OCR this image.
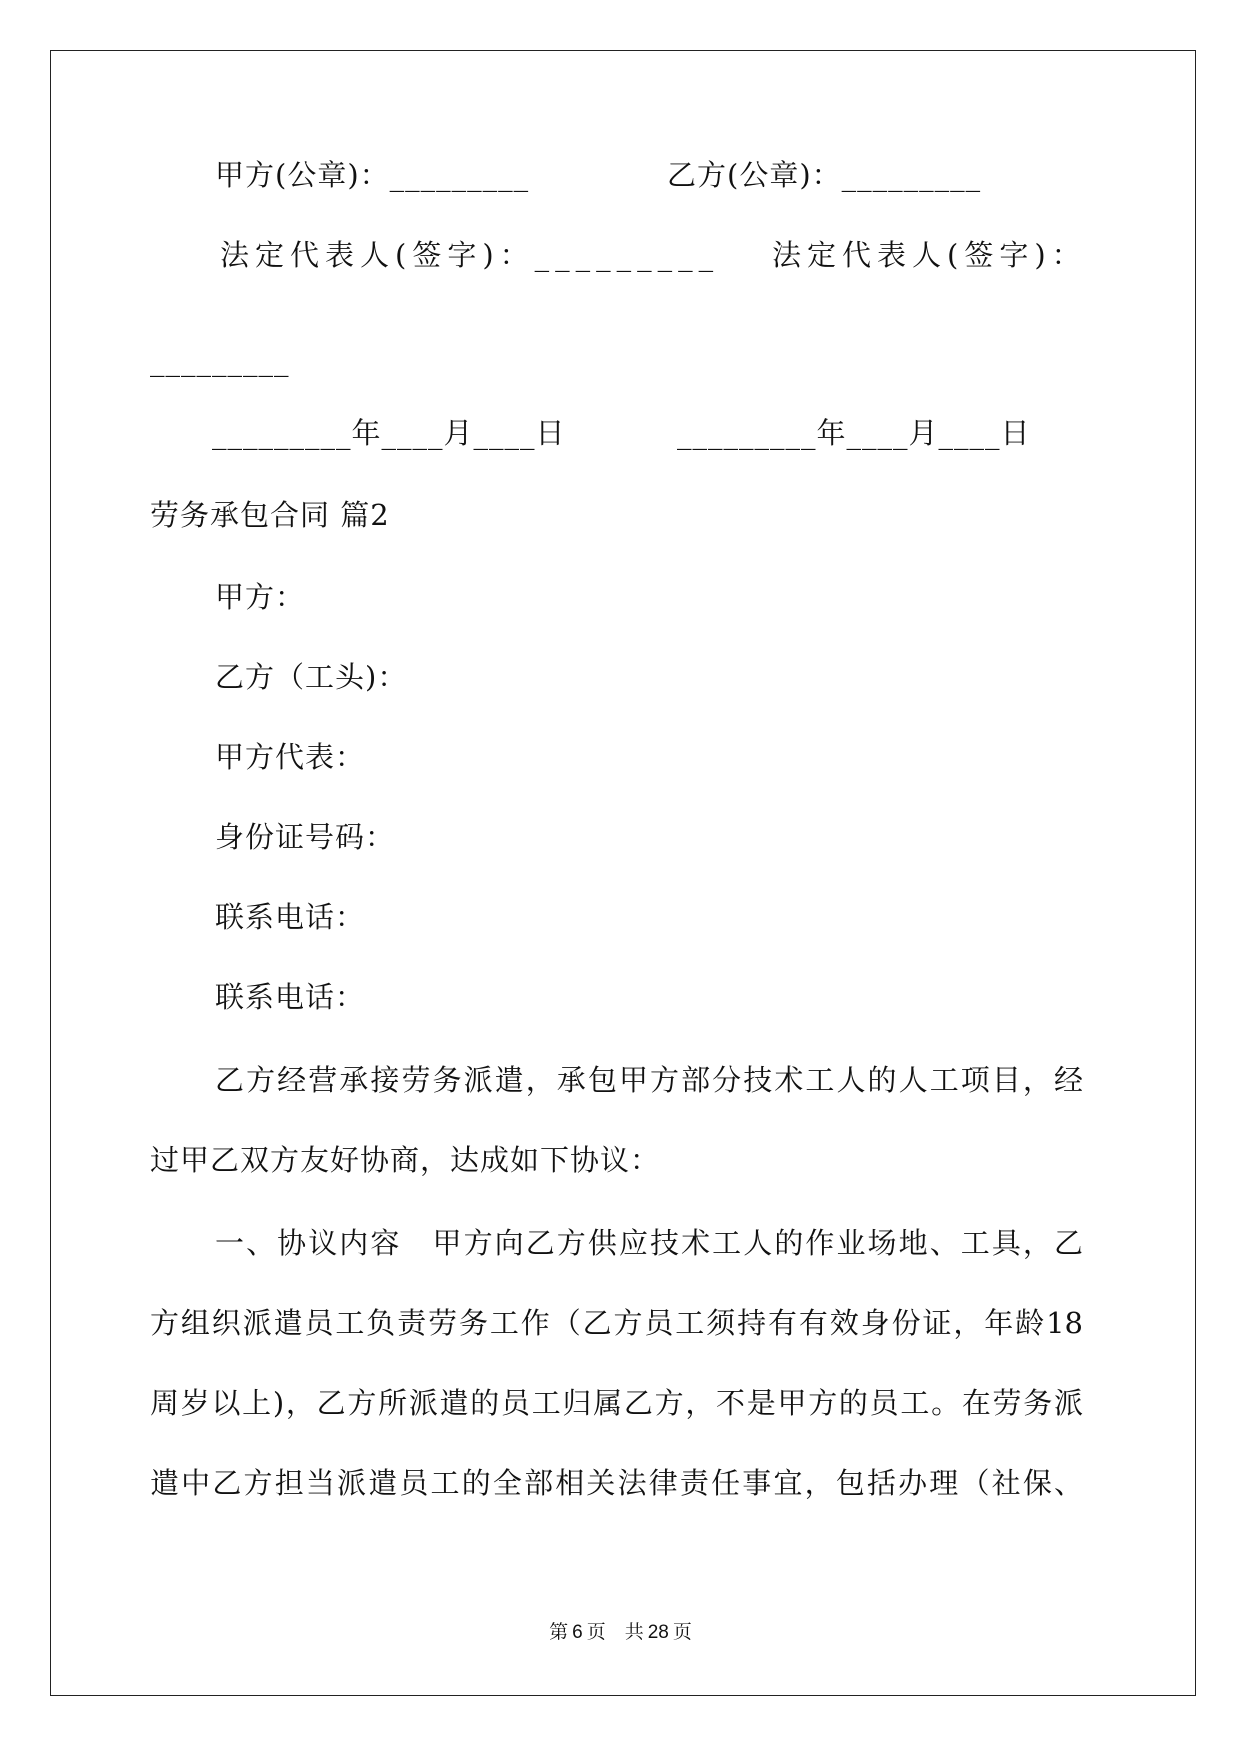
甲方(公章)：_________	乙方(公章)：_________
法定代表人(签字)：_________ 法定代表人(签字)：
_________
_________年____月____日	_________年____月____日
劳务承包合同 篇2
甲方：
乙方（工头)：
甲方代表：
身份证号码：
联系电话：
联系电话：
乙方经营承接劳务派遣，承包甲方部分技术工人的人工项目，经
过甲乙双方友好协商，达成如下协议：
一、协议内容　甲方向乙方供应技术工人的作业场地、工具，乙
方组织派遣员工负责劳务工作（乙方员工须持有有效身份证，年龄18
周岁以上)，乙方所派遣的员工归属乙方，不是甲方的员工。在劳务派
遣中乙方担当派遣员工的全部相关法律责任事宜，包括办理（社保、
第 6 页　共 28 页
